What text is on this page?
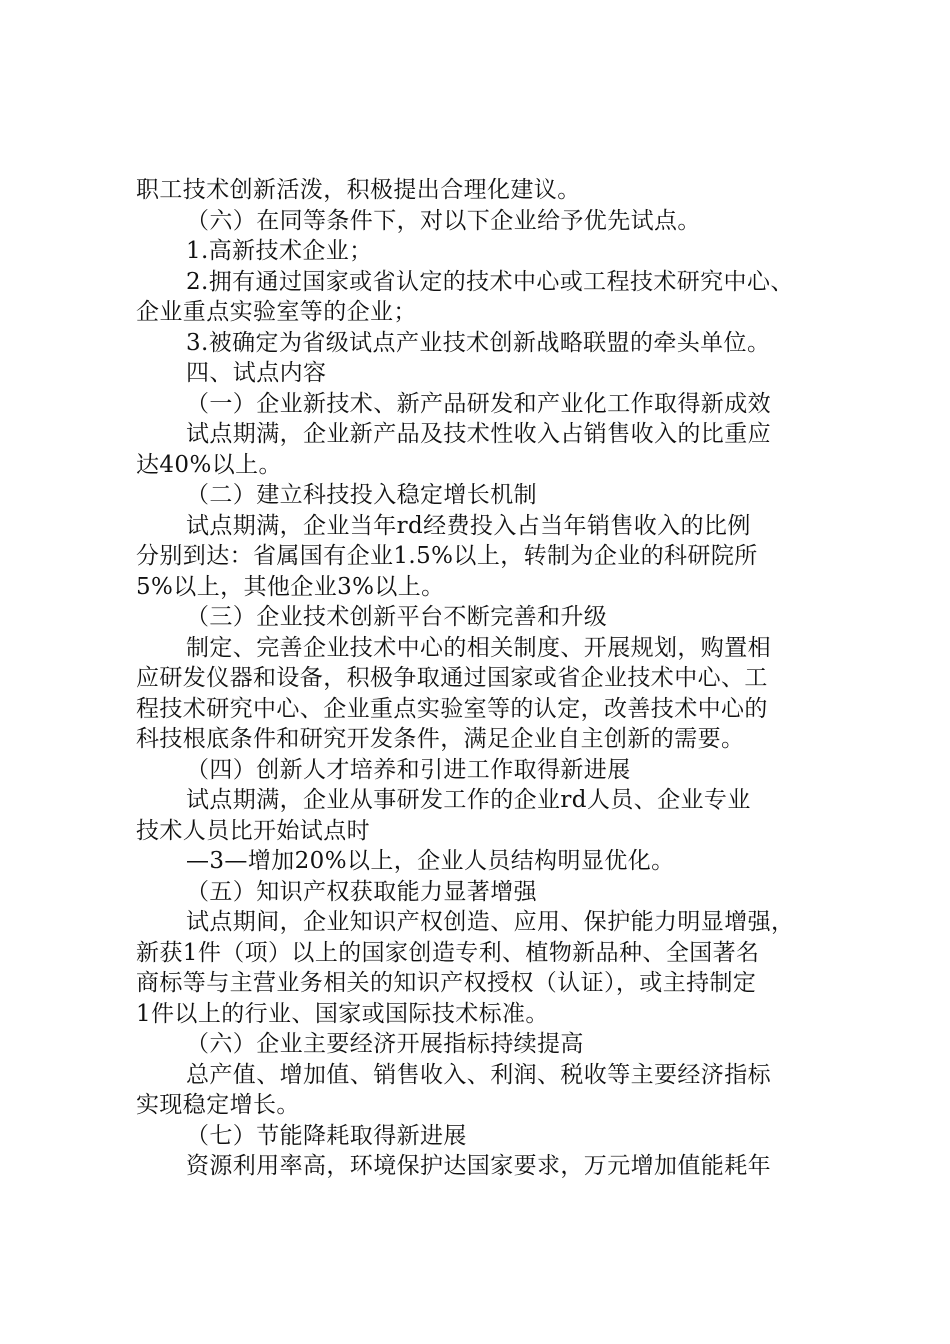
职工技术创新活泼，积极提出合理化建议。
（六）在同等条件下，对以下企业给予优先试点。
1.高新技术企业；
2.拥有通过国家或省认定的技术中心或工程技术研究中心、
企业重点实验室等的企业；
3.被确定为省级试点产业技术创新战略联盟的牵头单位。
四、试点内容
（一）企业新技术、新产品研发和产业化工作取得新成效
试点期满，企业新产品及技术性收入占销售收入的比重应
达40%以上。
（二）建立科技投入稳定增长机制
试点期满，企业当年rd经费投入占当年销售收入的比例
分别到达：省属国有企业1.5%以上，转制为企业的科研院所
5%以上，其他企业3%以上。
（三）企业技术创新平台不断完善和升级
制定、完善企业技术中心的相关制度、开展规划，购置相
应研发仪器和设备，积极争取通过国家或省企业技术中心、工
程技术研究中心、企业重点实验室等的认定，改善技术中心的
科技根底条件和研究开发条件，满足企业自主创新的需要。
（四）创新人才培养和引进工作取得新进展
试点期满，企业从事研发工作的企业rd人员、企业专业
技术人员比开始试点时
—3—增加20%以上，企业人员结构明显优化。
（五）知识产权获取能力显著增强
试点期间，企业知识产权创造、应用、保护能力明显增强，
新获1件（项）以上的国家创造专利、植物新品种、全国著名
商标等与主营业务相关的知识产权授权（认证），或主持制定
1件以上的行业、国家或国际技术标准。
（六）企业主要经济开展指标持续提高
总产值、增加值、销售收入、利润、税收等主要经济指标
实现稳定增长。
（七）节能降耗取得新进展
资源利用率高，环境保护达国家要求，万元增加值能耗年
